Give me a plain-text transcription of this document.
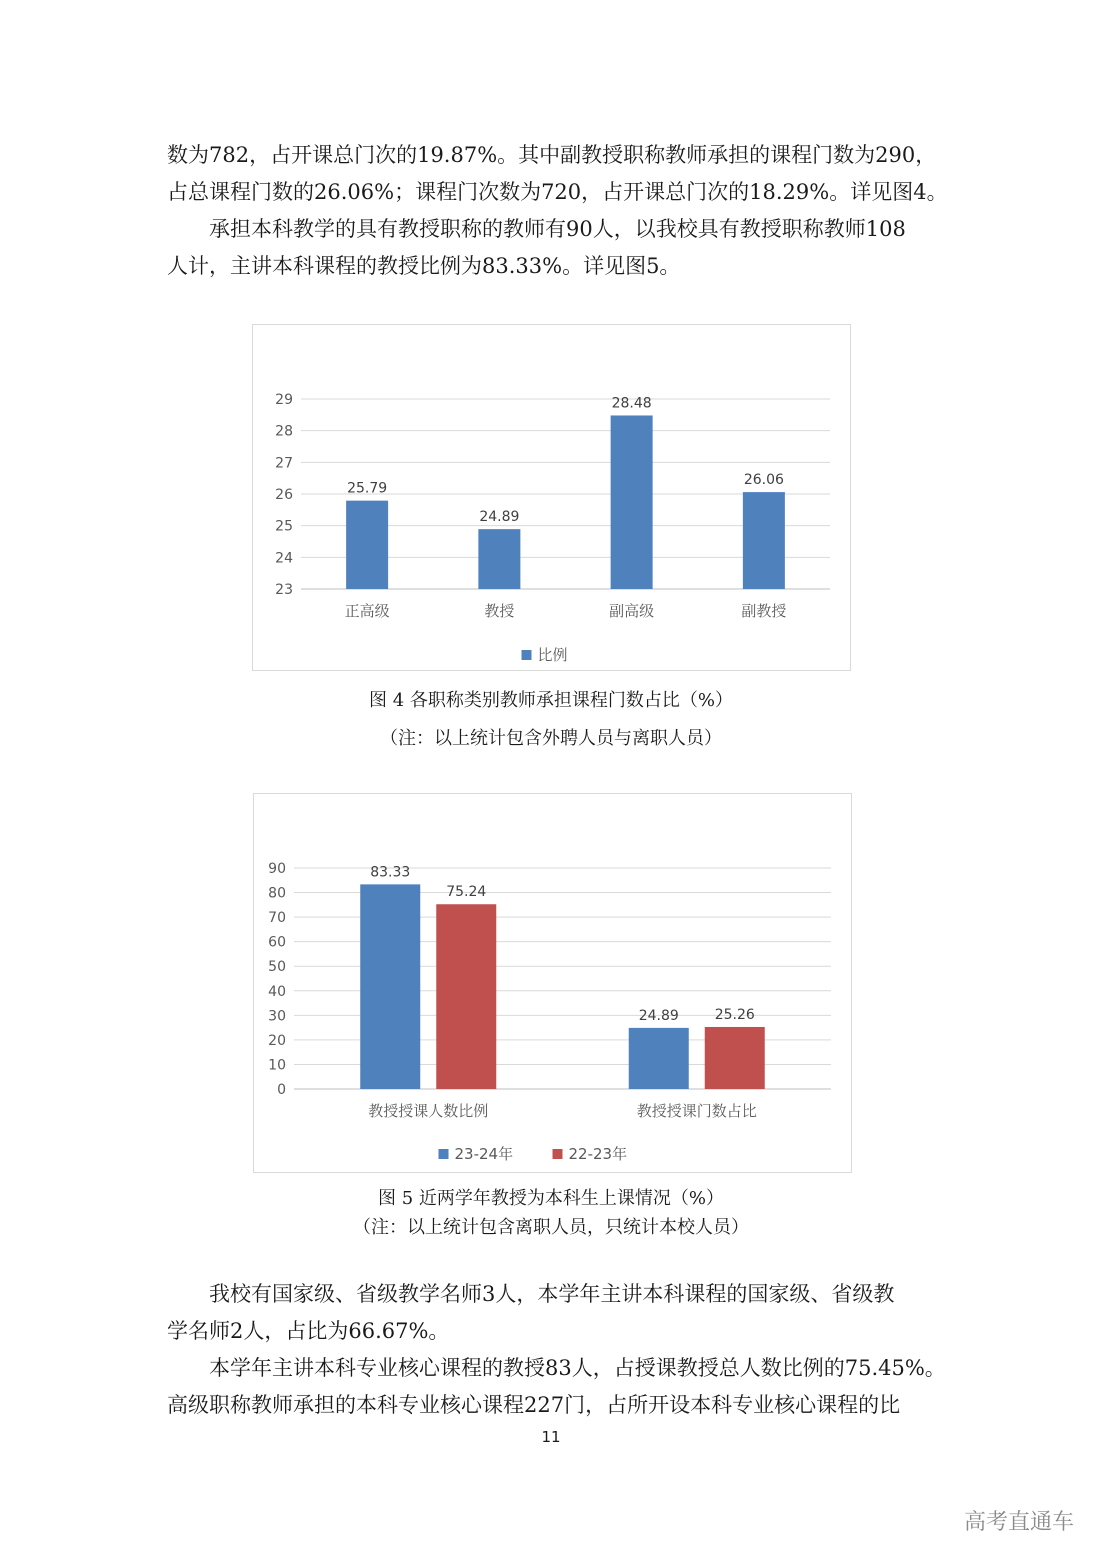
数为782，占开课总门次的19.87%。其中副教授职称教师承担的课程门数为290，
占总课程门数的26.06%；课程门次数为720，占开课总门次的18.29%。详见图4。
承担本科教学的具有教授职称的教师有90人，以我校具有教授职称教师108
人计，主讲本科课程的教授比例为83.33%。详见图5。

23
24
25
26
27
28
29
25.79
正高级
24.89
教授
28.48
副高级
26.06
副教授
比例
图 4 各职称类别教师承担课程门数占比（%）
（注：以上统计包含外聘人员与离职人员）
0
10
20
30
40
50
60
70
80
90	83.33
75.24
教授授课人数比例
24.89	25.26
教授授课门数占比
23-24年	22-23年
图 5 近两学年教授为本科生上课情况（%）
（注：以上统计包含离职人员，只统计本校人员）

我校有国家级、省级教学名师3人，本学年主讲本科课程的国家级、省级教
学名师2人，占比为66.67%。
本学年主讲本科专业核心课程的教授83人，占授课教授总人数比例的75.45%。
高级职称教师承担的本科专业核心课程227门，占所开设本科专业核心课程的比

11
高考直通车
